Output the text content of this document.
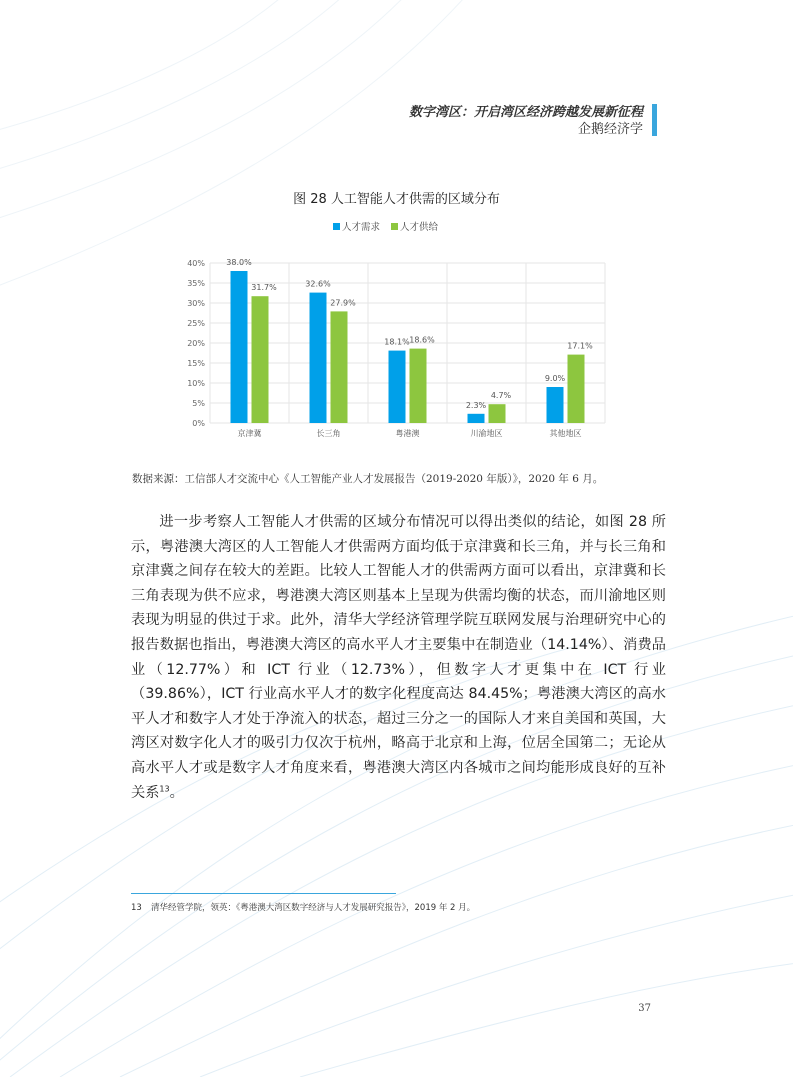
数字湾区：开启湾区经济跨越发展新征程
企鹅经济学
图 28 人工智能人才供需的区域分布
人才需求 人才供给
0%
5%
10%
15%
20%
25%
30%
35%
40%	38.0%
31.7%	32.6%
27.9%
18.1% 18.6%
2.3%
4.7%
9.0%
17.1%
京津冀	长三角	粤港澳	川渝地区	其他地区
数据来源：工信部人才交流中心《人工智能产业人才发展报告（2019-2020 年版）》，2020 年 6 月。

进一步考察人工智能人才供需的区域分布情况可以得出类似的结论，如图 28 所示，粤港澳大湾区的人工智能人才供需两方面均低于京津冀和长三角，并与长三角和京津冀之间存在较大的差距。比较人工智能人才的供需两方面可以看出，京津冀和长三角表现为供不应求，粤港澳大湾区则基本上呈现为供需均衡的状态，而川渝地区则表现为明显的供过于求。此外，清华大学经济管理学院互联网发展与治理研究中心的报告数据也指出，粤港澳大湾区的高水平人才主要集中在制造业（14.14%）、消费品业（12.77%）和 ICT 行业（12.73%），但数字人才更集中在 ICT 行业（39.86%），ICT 行业高水平人才的数字化程度高达 84.45%；粤港澳大湾区的高水平人才和数字人才处于净流入的状态，超过三分之一的国际人才来自美国和英国，大湾区对数字化人才的吸引力仅次于杭州，略高于北京和上海，位居全国第二；无论从高水平人才或是数字人才角度来看，粤港澳大湾区内各城市之间均能形成良好的互补关系$^{13}$。

13 清华经管学院，领英：《粤港澳大湾区数字经济与人才发展研究报告》，2019 年 2 月。
37
